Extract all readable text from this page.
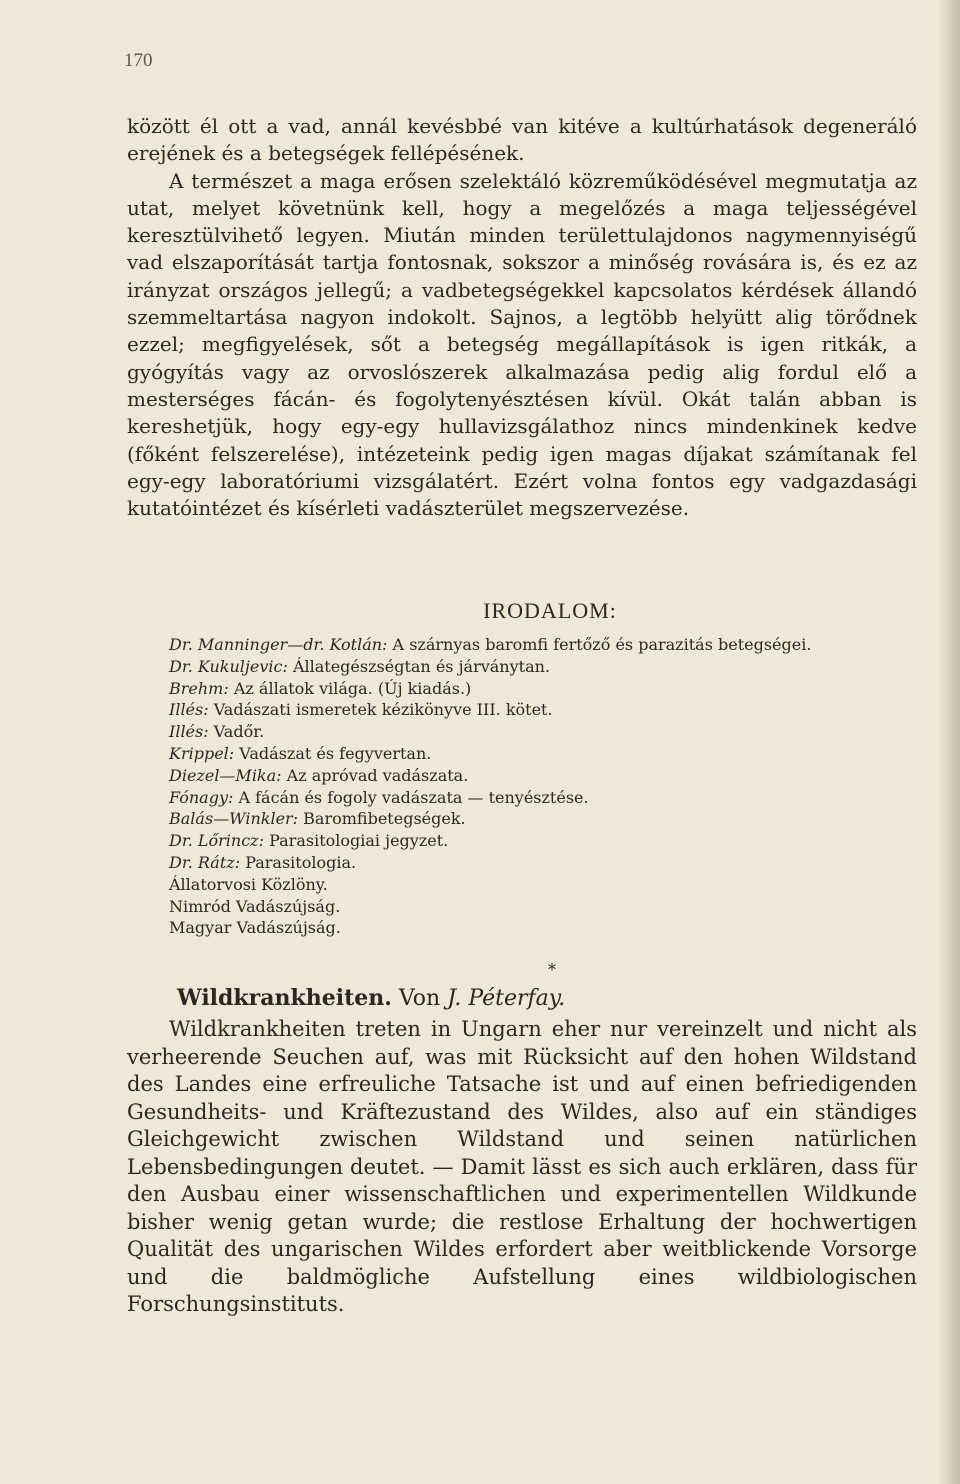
170

között él ott a vad, annál kevésbbé van kitéve a kultúrhatások degeneráló erejének és a betegségek fellépésének.

A természet a maga erősen szelektáló közreműködésével megmutatja az utat, melyet követnünk kell, hogy a megelőzés a maga teljességével keresztülvihető legyen. Miután minden területtulajdonos nagymennyiségű vad elszaporítását tartja fontosnak, sokszor a minőség rovására is, és ez az irányzat országos jellegű; a vadbetegségekkel kapcsolatos kérdések állandó szemmeltartása nagyon indokolt. Sajnos, a legtöbb helyütt alig törődnek ezzel; megfigyelések, sőt a betegség megállapítások is igen ritkák, a gyógyítás vagy az orvoslószerek alkalmazása pedig alig fordul elő a mesterséges fácán- és fogolytenyésztésen kívül. Okát talán abban is kereshetjük, hogy egy-egy hullavizsgálathoz nincs mindenkinek kedve (főként felszerelése), intézeteink pedig igen magas díjakat számítanak fel egy-egy laboratóriumi vizsgálatért. Ezért volna fontos egy vadgazdasági kutatóintézet és kísérleti vadászterület megszervezése.

IRODALOM:
Dr. Manninger—dr. Kotlán: A szárnyas baromfi fertőző és parazitás betegségei.
Dr. Kukuljevic: Állategészségtan és járványtan.
Brehm: Az állatok világa. (Új kiadás.)
Illés: Vadászati ismeretek kézikönyve III. kötet.
Illés: Vadőr.
Krippel: Vadászat és fegyvertan.
Diezel—Mika: Az apróvad vadászata.
Fónagy: A fácán és fogoly vadászata — tenyésztése.
Balás—Winkler: Baromfibetegségek.
Dr. Lőrincz: Parasitologiai jegyzet.
Dr. Rátz: Parasitologia.
Állatorvosi Közlöny.
Nimród Vadászújság.
Magyar Vadászújság.
*
Wildkrankheiten. Von J. Péterfay.

Wildkrankheiten treten in Ungarn eher nur vereinzelt und nicht als verheerende Seuchen auf, was mit Rücksicht auf den hohen Wildstand des Landes eine erfreuliche Tatsache ist und auf einen befriedigenden Gesundheits- und Kräftezustand des Wildes, also auf ein ständiges Gleichgewicht zwischen Wildstand und seinen natürlichen Lebensbedingungen deutet. — Damit lässt es sich auch erklären, dass für den Ausbau einer wissenschaftlichen und experimentellen Wildkunde bisher wenig getan wurde; die restlose Erhaltung der hochwertigen Qualität des ungarischen Wildes erfordert aber weitblickende Vorsorge und die baldmögliche Aufstellung eines wildbiologischen Forschungsinstituts.
